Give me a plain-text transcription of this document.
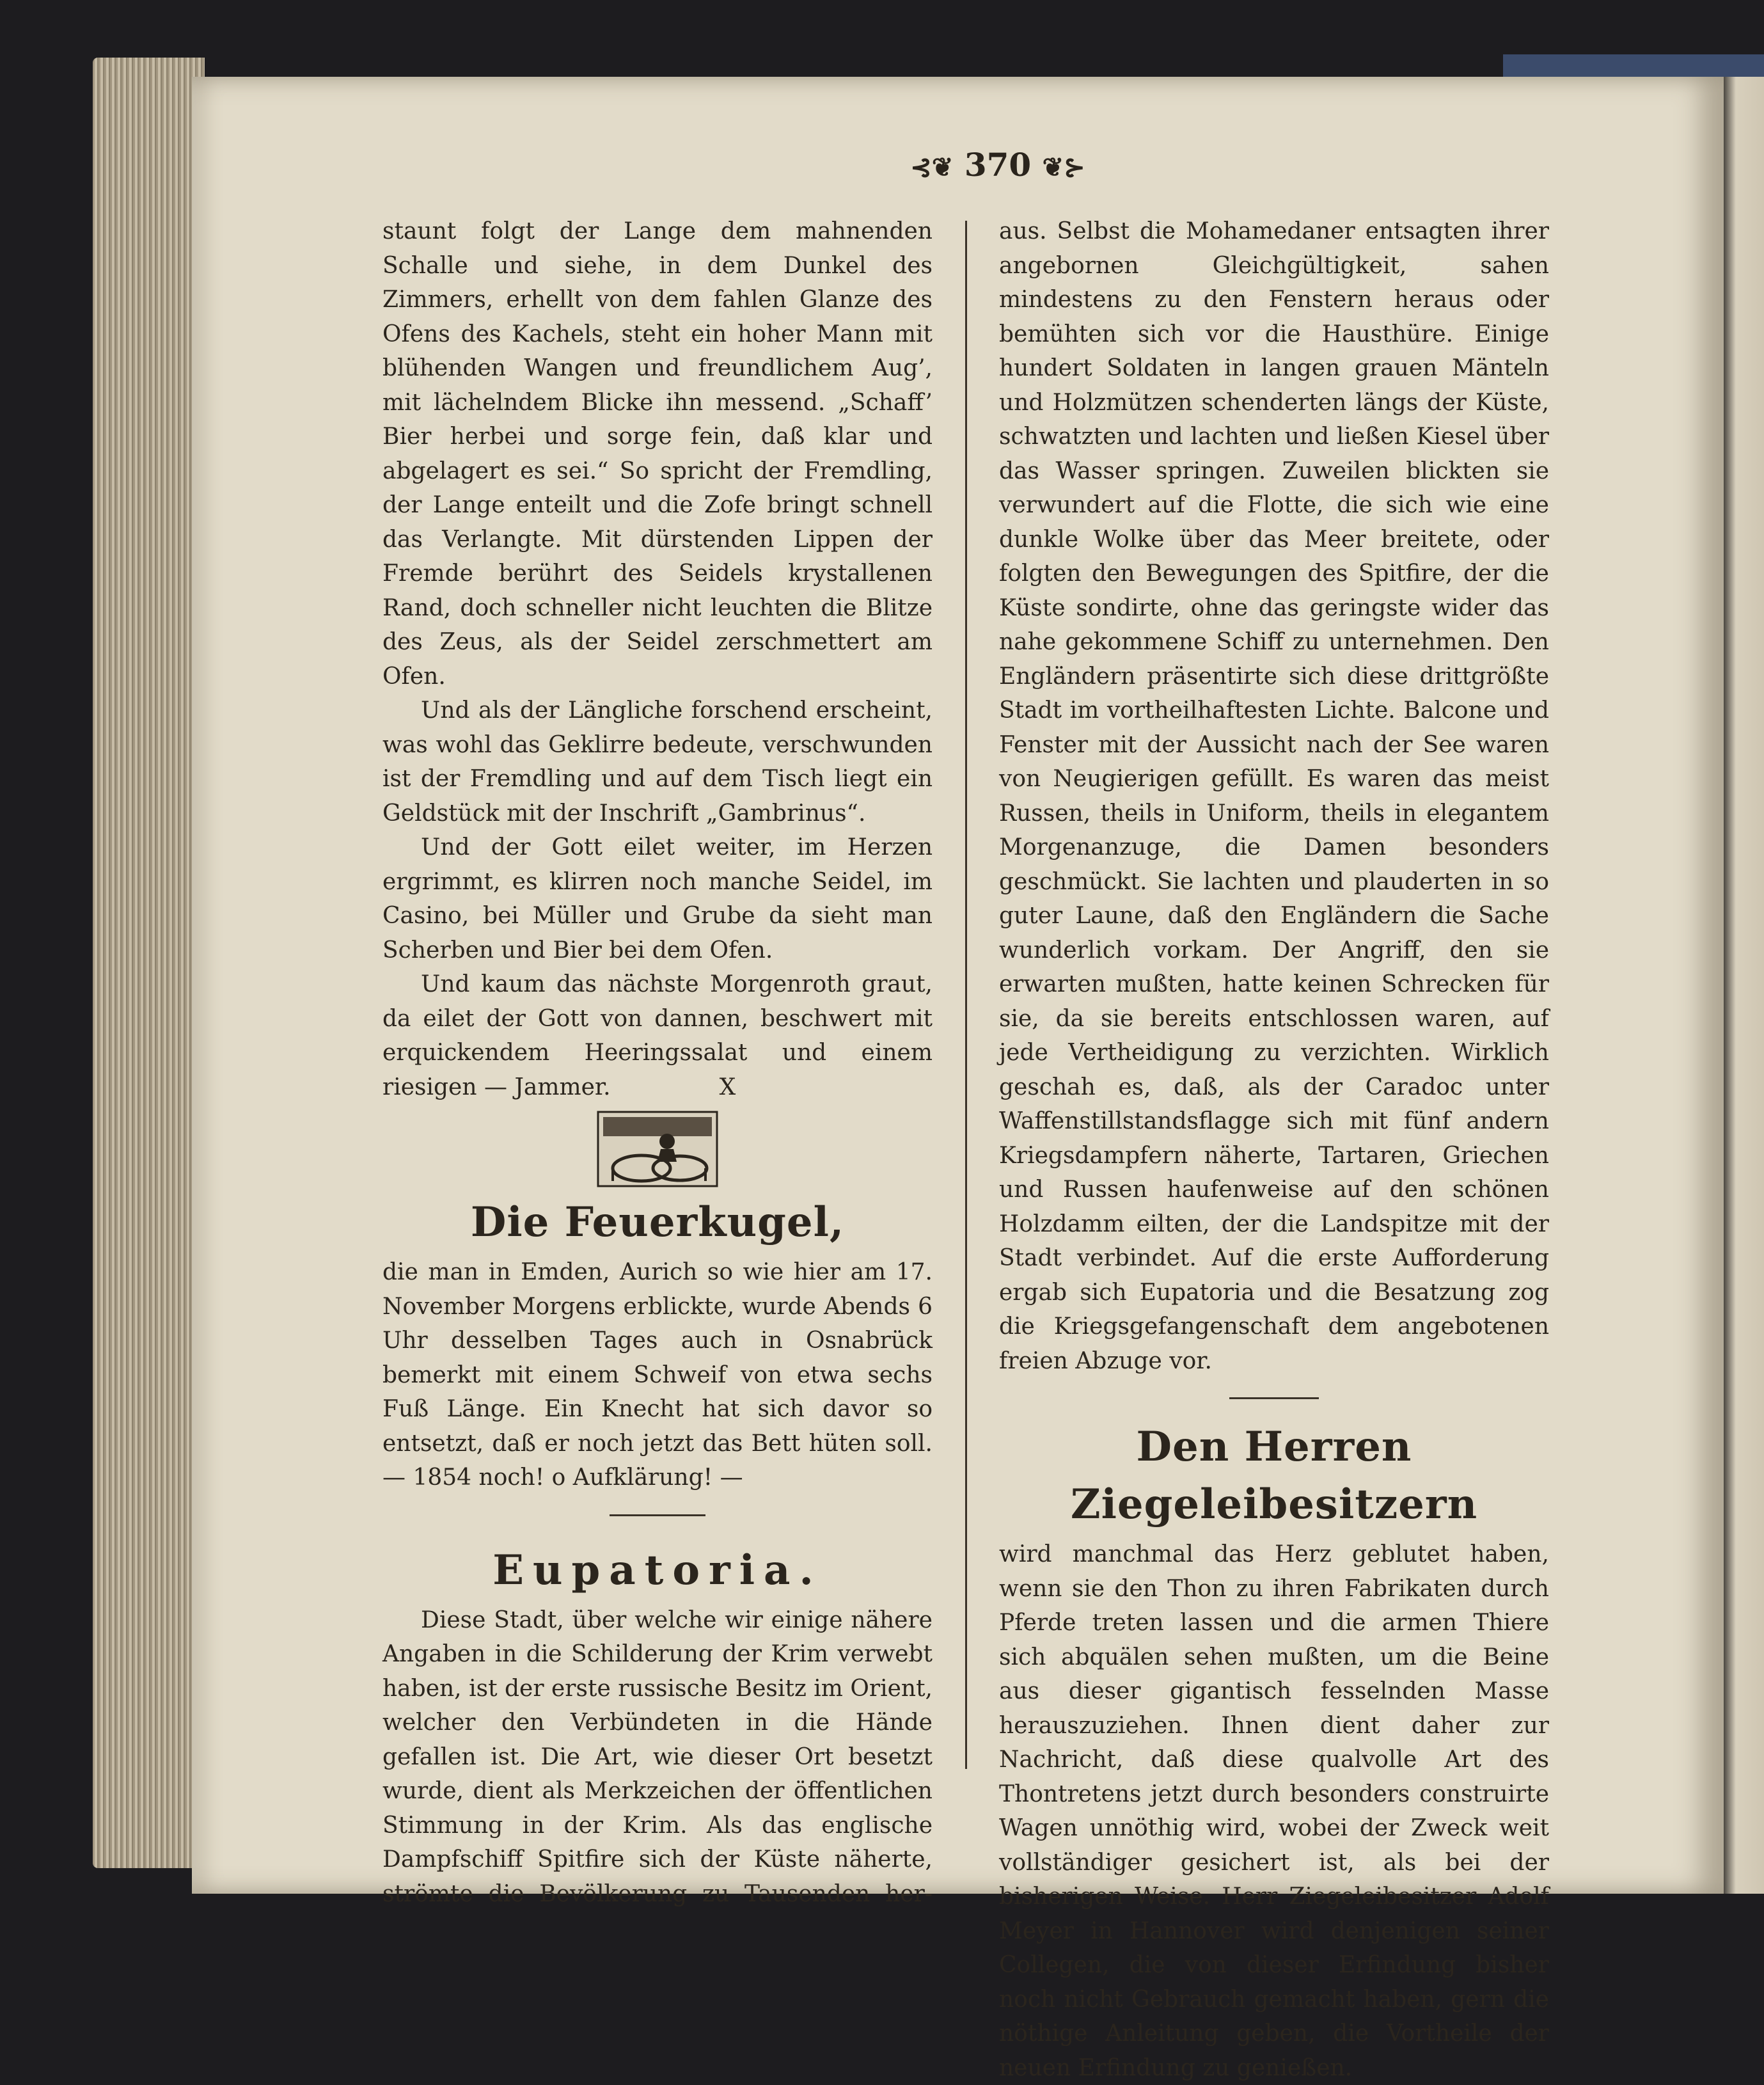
⊰❦ 370 ❦⊱

staunt folgt der Lange dem mahnenden Schalle und siehe, in dem Dunkel des Zimmers, erhellt von dem fahlen Glanze des Ofens des Kachels, steht ein hoher Mann mit blühenden Wangen und freundlichem Aug’, mit lächelndem Blicke ihn messend. „Schaff’ Bier herbei und sorge fein, daß klar und abgelagert es sei.“ So spricht der Fremdling, der Lange enteilt und die Zofe bringt schnell das Verlangte. Mit dürstenden Lippen der Fremde berührt des Seidels krystallenen Rand, doch schneller nicht leuchten die Blitze des Zeus, als der Seidel zerschmettert am Ofen.

Und als der Längliche forschend erscheint, was wohl das Geklirre bedeute, verschwunden ist der Fremdling und auf dem Tisch liegt ein Geldstück mit der Inschrift „Gambrinus“.

Und der Gott eilet weiter, im Herzen ergrimmt, es klirren noch manche Seidel, im Casino, bei Müller und Grube da sieht man Scherben und Bier bei dem Ofen.

Und kaum das nächste Morgenroth graut, da eilet der Gott von dannen, beschwert mit erquickendem Heeringssalat und einem riesigen — Jammer.	X

Die Feuerkugel,

die man in Emden, Aurich so wie hier am 17. November Morgens erblickte, wurde Abends 6 Uhr desselben Tages auch in Osnabrück bemerkt mit einem Schweif von etwa sechs Fuß Länge. Ein Knecht hat sich davor so entsetzt, daß er noch jetzt das Bett hüten soll. — 1854 noch! o Aufklärung! —

Eupatoria.

Diese Stadt, über welche wir einige nähere Angaben in die Schilderung der Krim verwebt haben, ist der erste russische Besitz im Orient, welcher den Verbündeten in die Hände gefallen ist. Die Art, wie dieser Ort besetzt wurde, dient als Merkzeichen der öffentlichen Stimmung in der Krim. Als das englische Dampfschiff Spitfire sich der Küste näherte, strömte die Bevölkerung zu Tausenden her-

aus. Selbst die Mohamedaner entsagten ihrer angebornen Gleichgültigkeit, sahen mindestens zu den Fenstern heraus oder bemühten sich vor die Hausthüre. Einige hundert Soldaten in langen grauen Mänteln und Holzmützen schenderten längs der Küste, schwatzten und lachten und ließen Kiesel über das Wasser springen. Zuweilen blickten sie verwundert auf die Flotte, die sich wie eine dunkle Wolke über das Meer breitete, oder folgten den Bewegungen des Spitfire, der die Küste sondirte, ohne das geringste wider das nahe gekommene Schiff zu unternehmen. Den Engländern präsentirte sich diese drittgrößte Stadt im vortheilhaftesten Lichte. Balcone und Fenster mit der Aussicht nach der See waren von Neugierigen gefüllt. Es waren das meist Russen, theils in Uniform, theils in elegantem Morgenanzuge, die Damen besonders geschmückt. Sie lachten und plauderten in so guter Laune, daß den Engländern die Sache wunderlich vorkam. Der Angriff, den sie erwarten mußten, hatte keinen Schrecken für sie, da sie bereits entschlossen waren, auf jede Vertheidigung zu verzichten. Wirklich geschah es, daß, als der Caradoc unter Waffenstillstandsflagge sich mit fünf andern Kriegsdampfern näherte, Tartaren, Griechen und Russen haufenweise auf den schönen Holzdamm eilten, der die Landspitze mit der Stadt verbindet. Auf die erste Aufforderung ergab sich Eupatoria und die Besatzung zog die Kriegsgefangenschaft dem angebotenen freien Abzuge vor.

Den Herren Ziegeleibesitzern

wird manchmal das Herz geblutet haben, wenn sie den Thon zu ihren Fabrikaten durch Pferde treten lassen und die armen Thiere sich abquälen sehen mußten, um die Beine aus dieser gigantisch fesselnden Masse herauszuziehen. Ihnen dient daher zur Nachricht, daß diese qualvolle Art des Thontretens jetzt durch besonders construirte Wagen unnöthig wird, wobei der Zweck weit vollständiger gesichert ist, als bei der bisherigen Weise. Herr Ziegeleibesitzer Adolf Meyer in Hannover wird denjenigen seiner Collegen, die von dieser Erfindung bisher noch nicht Gebrauch gemacht haben, gern die nöthige Anleitung geben, die Vortheile der neuen Erfindung zu genießen.
